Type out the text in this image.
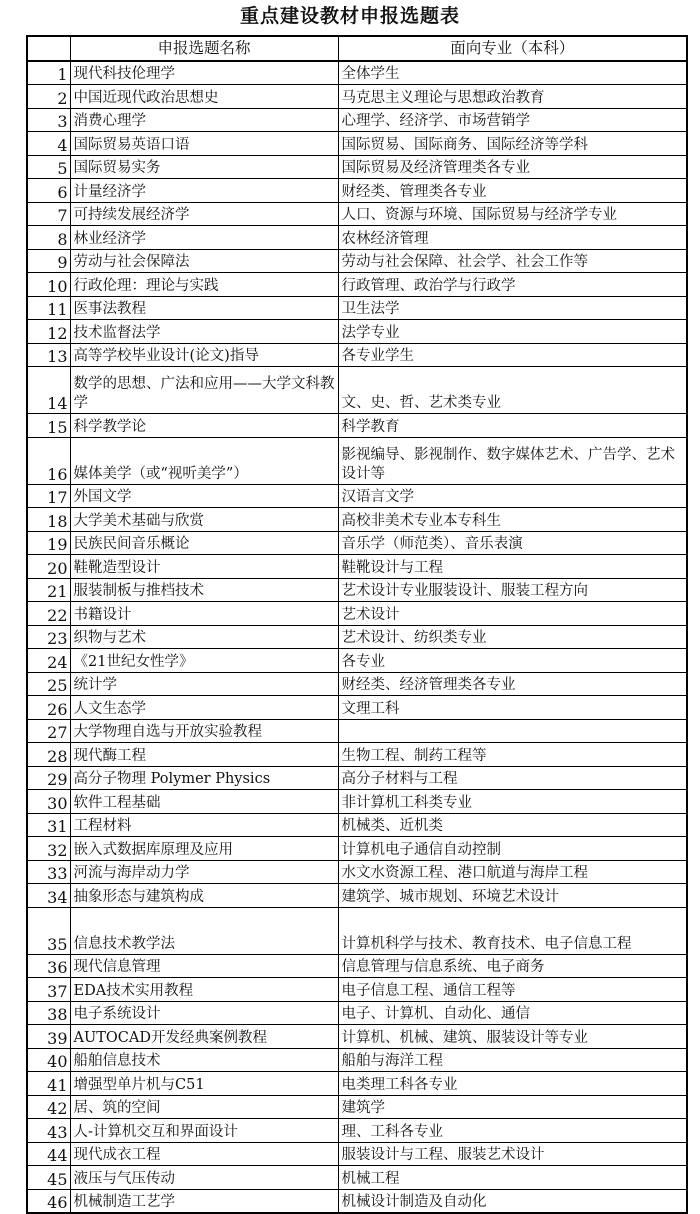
重点建设教材申报选题表
	申报选题名称	面向专业（本科）
1	现代科技伦理学	全体学生
2	中国近现代政治思想史	马克思主义理论与思想政治教育
3	消费心理学	心理学、经济学、市场营销学
4	国际贸易英语口语	国际贸易、国际商务、国际经济等学科
5	国际贸易实务	国际贸易及经济管理类各专业
6	计量经济学	财经类、管理类各专业
7	可持续发展经济学	人口、资源与环境、国际贸易与经济学专业
8	林业经济学	农林经济管理
9	劳动与社会保障法	劳动与社会保障、社会学、社会工作等
10	行政伦理：理论与实践	行政管理、政治学与行政学
11	医事法教程	卫生法学
12	技术监督法学	法学专业
13	高等学校毕业设计(论文)指导	各专业学生
14	数学的思想、广法和应用——大学文科教学	文、史、哲、艺术类专业
15	科学教学论	科学教育
16	媒体美学（或“视听美学”）	影视编导、影视制作、数字媒体艺术、广告学、艺术设计等
17	外国文学	汉语言文学
18	大学美术基础与欣赏	高校非美术专业本专科生
19	民族民间音乐概论	音乐学（师范类）、音乐表演
20	鞋靴造型设计	鞋靴设计与工程
21	服装制板与推档技术	艺术设计专业服装设计、服装工程方向
22	书籍设计	艺术设计
23	织物与艺术	艺术设计、纺织类专业
24	《21世纪女性学》	各专业
25	统计学	财经类、经济管理类各专业
26	人文生态学	文理工科
27	大学物理自选与开放实验教程	
28	现代酶工程	生物工程、制药工程等
29	高分子物理 Polymer Physics	高分子材料与工程
30	软件工程基础	非计算机工科类专业
31	工程材料	机械类、近机类
32	嵌入式数据库原理及应用	计算机电子通信自动控制
33	河流与海岸动力学	水文水资源工程、港口航道与海岸工程
34	抽象形态与建筑构成	建筑学、城市规划、环境艺术设计
35	信息技术教学法	计算机科学与技术、教育技术、电子信息工程
36	现代信息管理	信息管理与信息系统、电子商务
37	EDA技术实用教程	电子信息工程、通信工程等
38	电子系统设计	电子、计算机、自动化、通信
39	AUTOCAD开发经典案例教程	计算机、机械、建筑、服装设计等专业
40	船舶信息技术	船舶与海洋工程
41	增强型单片机与C51	电类理工科各专业
42	居、筑的空间	建筑学
43	人-计算机交互和界面设计	理、工科各专业
44	现代成衣工程	服装设计与工程、服装艺术设计
45	液压与气压传动	机械工程
46	机械制造工艺学	机械设计制造及自动化
